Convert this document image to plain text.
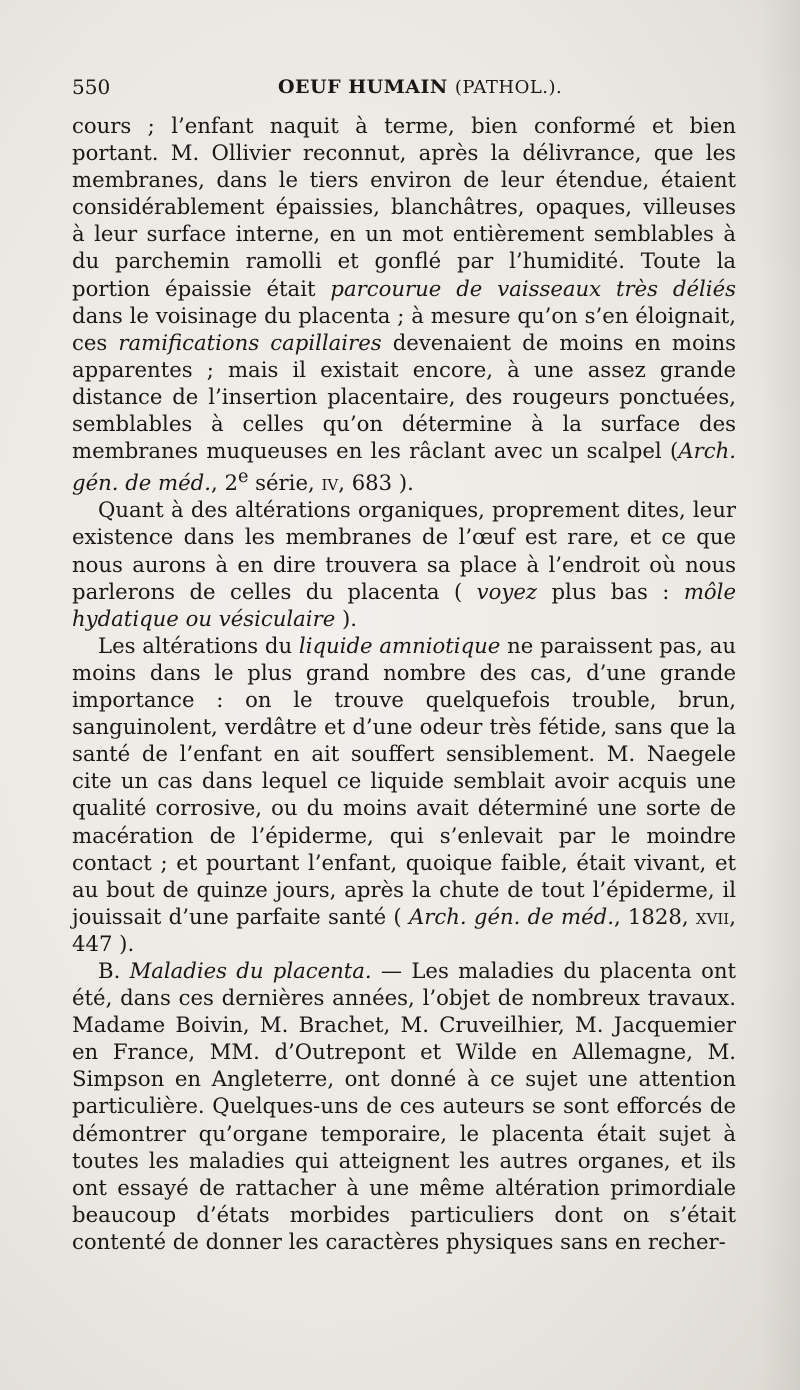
550	OEUF HUMAIN (PATHOL.).

cours ; l’enfant naquit à terme, bien conformé et bien portant. M. Ollivier reconnut, après la délivrance, que les membranes, dans le tiers environ de leur étendue, étaient considérablement épaissies, blanchâtres, opaques, villeuses à leur surface interne, en un mot entièrement semblables à du parchemin ramolli et gonflé par l’humidité. Toute la portion épaissie était parcourue de vaisseaux très déliés dans le voisinage du placenta ; à mesure qu’on s’en éloignait, ces ramifications capillaires devenaient de moins en moins apparentes ; mais il existait encore, à une assez grande distance de l’insertion placentaire, des rougeurs ponctuées, semblables à celles qu’on détermine à la surface des membranes muqueuses en les râclant avec un scalpel (Arch. gén. de méd., 2e série, iv, 683 ).

Quant à des altérations organiques, proprement dites, leur existence dans les membranes de l’œuf est rare, et ce que nous aurons à en dire trouvera sa place à l’endroit où nous parlerons de celles du placenta ( voyez plus bas : môle hydatique ou vésiculaire ).

Les altérations du liquide amniotique ne paraissent pas, au moins dans le plus grand nombre des cas, d’une grande importance : on le trouve quelquefois trouble, brun, sanguinolent, verdâtre et d’une odeur très fétide, sans que la santé de l’enfant en ait souffert sensiblement. M. Naegele cite un cas dans lequel ce liquide semblait avoir acquis une qualité corrosive, ou du moins avait déterminé une sorte de macération de l’épiderme, qui s’enlevait par le moindre contact ; et pourtant l’enfant, quoique faible, était vivant, et au bout de quinze jours, après la chute de tout l’épiderme, il jouissait d’une parfaite santé ( Arch. gén. de méd., 1828, xvii, 447 ).

B. Maladies du placenta. — Les maladies du placenta ont été, dans ces dernières années, l’objet de nombreux travaux. Madame Boivin, M. Brachet, M. Cruveilhier, M. Jacquemier en France, MM. d’Outrepont et Wilde en Allemagne, M. Simpson en Angleterre, ont donné à ce sujet une attention particulière. Quelques-uns de ces auteurs se sont efforcés de démontrer qu’organe temporaire, le placenta était sujet à toutes les maladies qui atteignent les autres organes, et ils ont essayé de rattacher à une même altération primordiale beaucoup d’états morbides particuliers dont on s’était contenté de donner les caractères physiques sans en recher-
